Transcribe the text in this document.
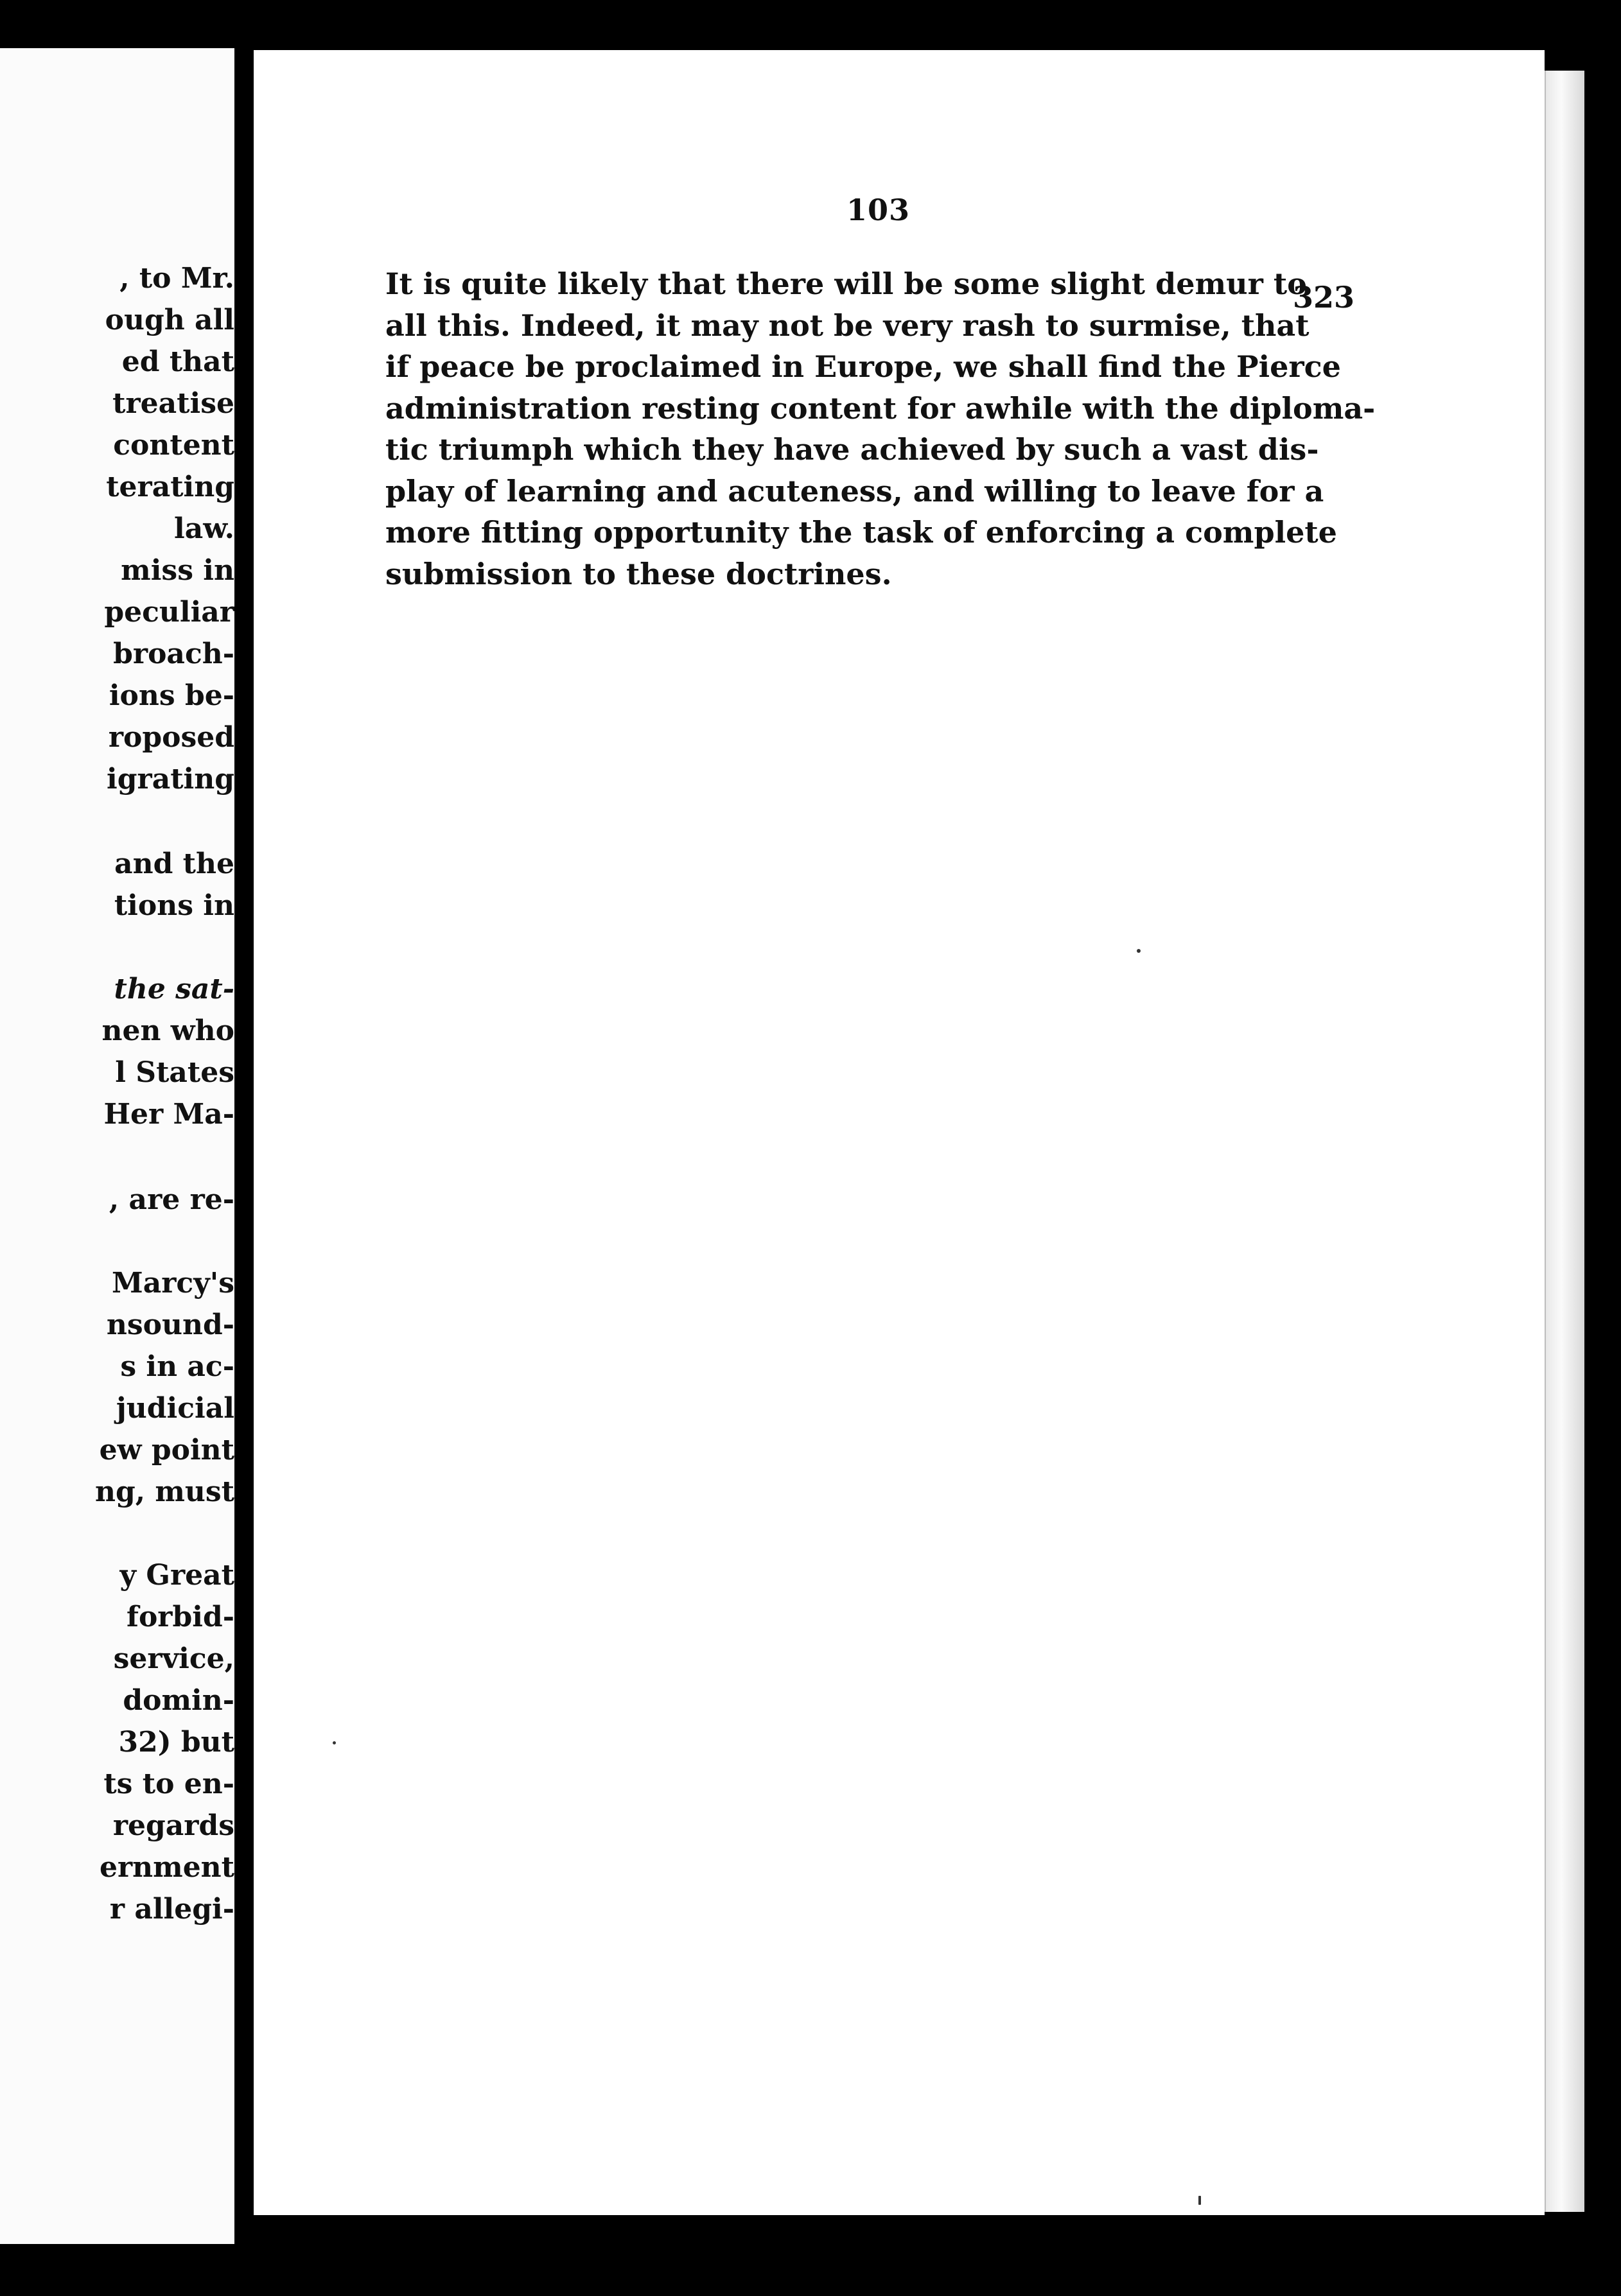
, to Mr.
ough all
ed that
treatise
content
terating
law.
miss in
peculiar
broach-
ions be-
roposed
igrating
and the
tions in
the sat-
nen who
l States
Her Ma-
, are re-
Marcy's
nsound-
s in ac-
judicial
ew point
ng, must
y Great
forbid-
service,
domin-
32) but
ts to en-
regards
ernment
r allegi-
103
It is quite likely that there will be some slight demur to
all this. Indeed, it may not be very rash to surmise, that
if peace be proclaimed in Europe, we shall find the Pierce
administration resting content for awhile with the diploma-
tic triumph which they have achieved by such a vast dis-
play of learning and acuteness, and willing to leave for a
more fitting opportunity the task of enforcing a complete
submission to these doctrines.
323
